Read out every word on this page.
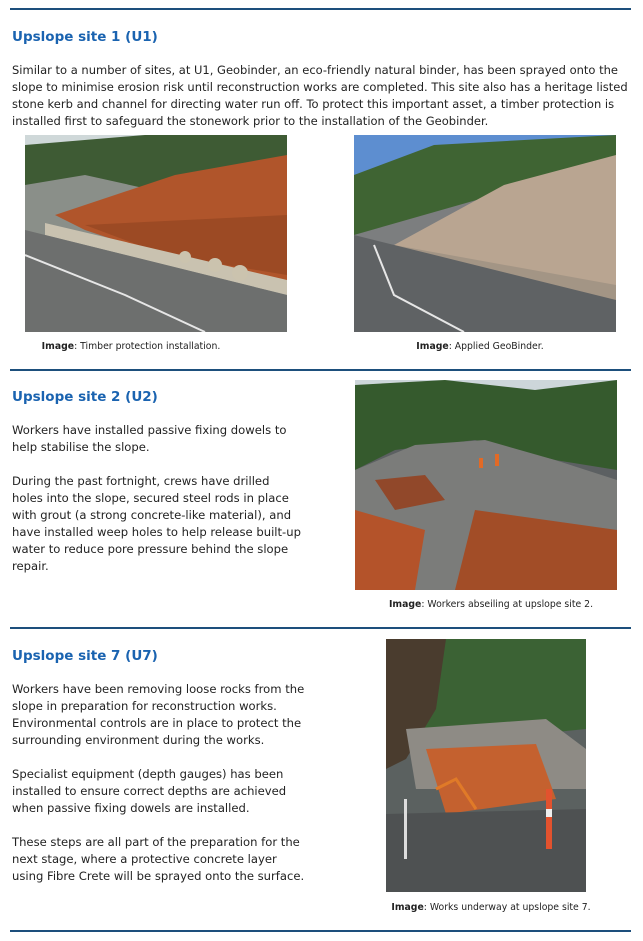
Upslope site 1 (U1)
Similar to a number of sites, at U1, Geobinder, an eco-friendly natural binder, has been sprayed onto the slope to minimise erosion risk until reconstruction works are completed. This site also has a heritage listed stone kerb and channel for directing water run off. To protect this important asset, a timber protection is installed first to safeguard the stonework prior to the installation of the Geobinder.
Image: Timber protection installation.	Image: Applied GeoBinder.
Upslope site 2 (U2)
Workers have installed passive fixing dowels to help stabilise the slope.
During the past fortnight, crews have drilled holes into the slope, secured steel rods in place with grout (a strong concrete-like material), and have installed weep holes to help release built-up water to reduce pore pressure behind the slope repair.
Image: Workers abseiling at upslope site 2.
Upslope site 7 (U7)
Workers have been removing loose rocks from the slope in preparation for reconstruction works. Environmental controls are in place to protect the surrounding environment during the works.
Specialist equipment (depth gauges) has been installed to ensure correct depths are achieved when passive fixing dowels are installed.
These steps are all part of the preparation for the next stage, where a protective concrete layer using Fibre Crete will be sprayed onto the surface.
Image: Works underway at upslope site 7.
